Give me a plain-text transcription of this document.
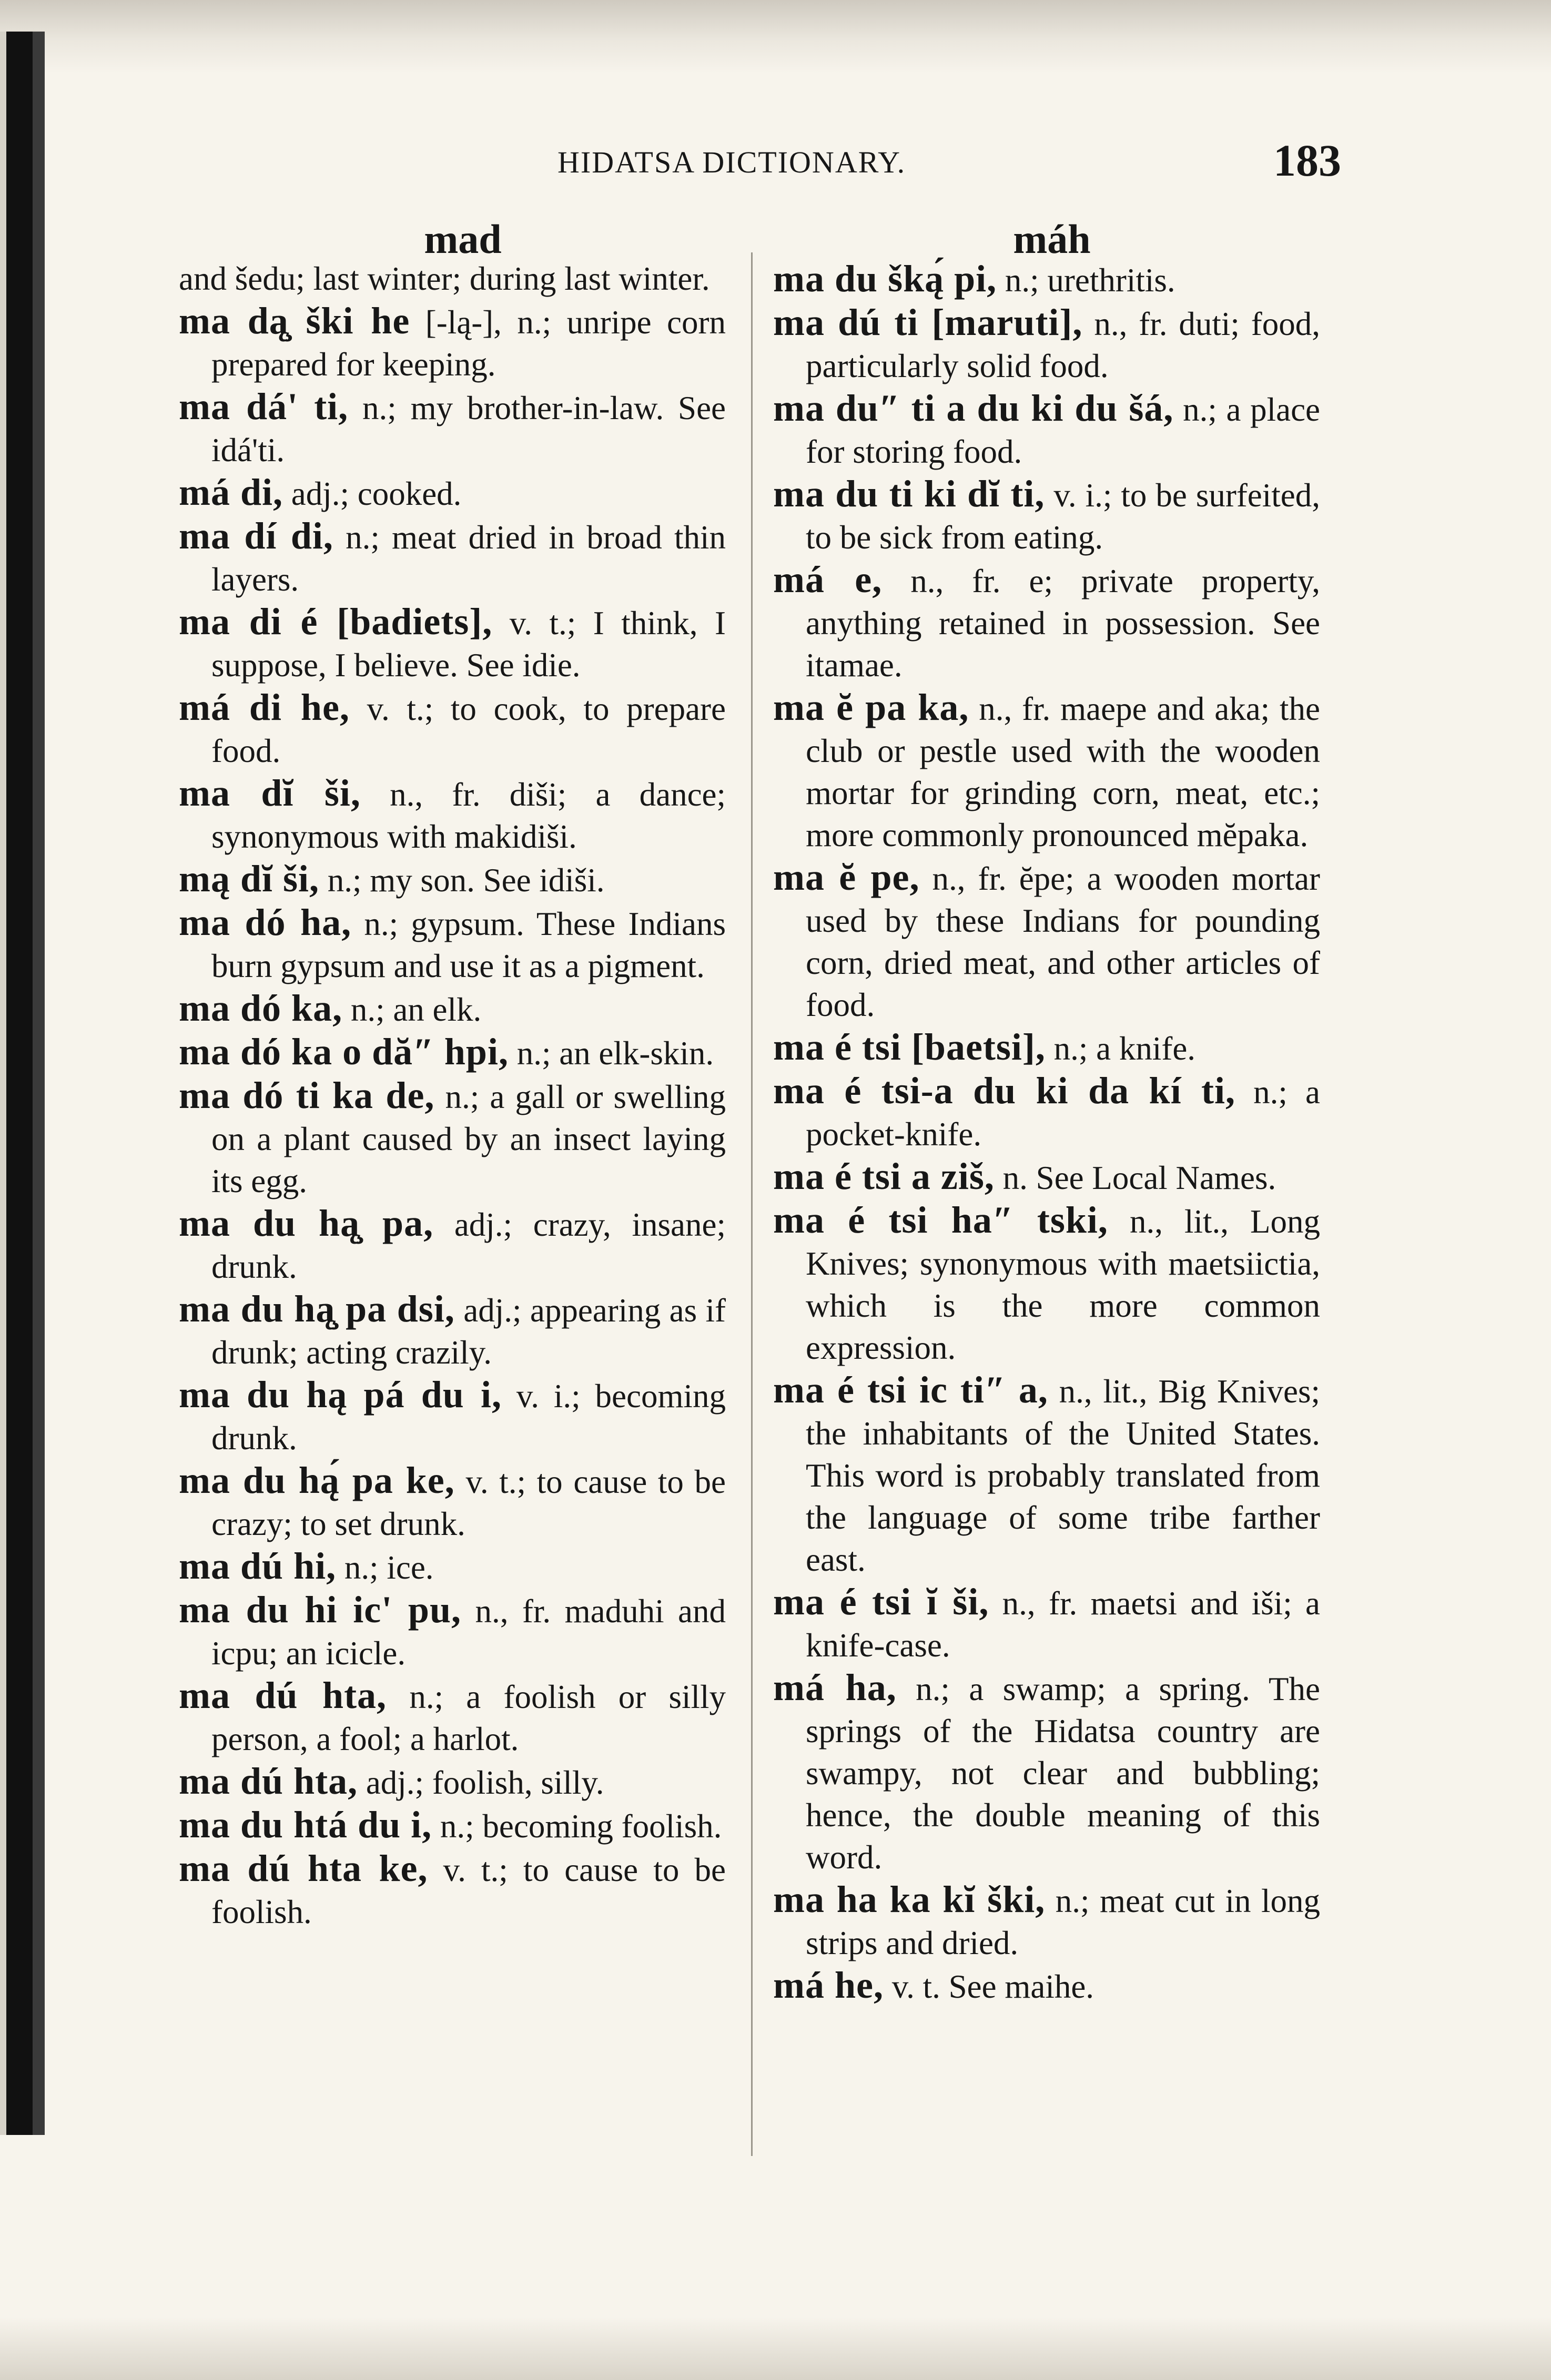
HIDATSA DICTIONARY.	183
mad	máh

and šedu; last winter; during last winter.

ma dą̧ ški he [-lą-], n.; unripe corn prepared for keeping.

ma dá' ti, n.; my brother-in-law. See idá'ti.

má di, adj.; cooked.

ma dí di, n.; meat dried in broad thin layers.

ma di é [badiets], v. t.; I think, I suppose, I believe. See idie.

má di he, v. t.; to cook, to prepare food.

ma dĭ ši, n., fr. diši; a dance; synonymous with makidiši.

mą dĭ ši, n.; my son. See idiši.

ma dó ha, n.; gypsum. These Indians burn gypsum and use it as a pigment.

ma dó ka, n.; an elk.

ma dó ka o dă″ hpi, n.; an elk-skin.

ma dó ti ka de, n.; a gall or swelling on a plant caused by an insect laying its egg.

ma du hą̧ pa, adj.; crazy, insane; drunk.

ma du hą̧ pa dsi, adj.; appearing as if drunk; acting crazily.

ma du hą pá du i, v. i.; becoming drunk.

ma du hą́ pa ke, v. t.; to cause to be crazy; to set drunk.

ma dú hi, n.; ice.

ma du hi ic' pu, n., fr. maduhi and icpu; an icicle.

ma dú hta, n.; a foolish or silly person, a fool; a harlot.

ma dú hta, adj.; foolish, silly.

ma du htá du i, n.; becoming foolish.

ma dú hta ke, v. t.; to cause to be foolish.

ma du šką́ pi, n.; urethritis.

ma dú ti [maruti], n., fr. duti; food, particularly solid food.

ma du″ ti a du ki du šá, n.; a place for storing food.

ma du ti ki dĭ ti, v. i.; to be surfeited, to be sick from eating.

má e, n., fr. e; private property, anything retained in possession. See itamae.

ma ĕ pa ka, n., fr. maepe and aka; the club or pestle used with the wooden mortar for grinding corn, meat, etc.; more commonly pronounced mĕpaka.

ma ĕ pe, n., fr. ĕpe; a wooden mortar used by these Indians for pounding corn, dried meat, and other articles of food.

ma é tsi [baetsi], n.; a knife.

ma é tsi-a du ki da kí ti, n.; a pocket-knife.

ma é tsi a ziš, n. See Local Names.

ma é tsi ha″ tski, n., lit., Long Knives; synonymous with maetsiictia, which is the more common expression.

ma é tsi ic ti″ a, n., lit., Big Knives; the inhabitants of the United States. This word is probably translated from the language of some tribe farther east.

ma é tsi ĭ ši, n., fr. maetsi and iši; a knife-case.

má ha, n.; a swamp; a spring. The springs of the Hidatsa country are swampy, not clear and bubbling; hence, the double meaning of this word.

ma ha ka kĭ ški, n.; meat cut in long strips and dried.

má he, v. t. See maihe.
